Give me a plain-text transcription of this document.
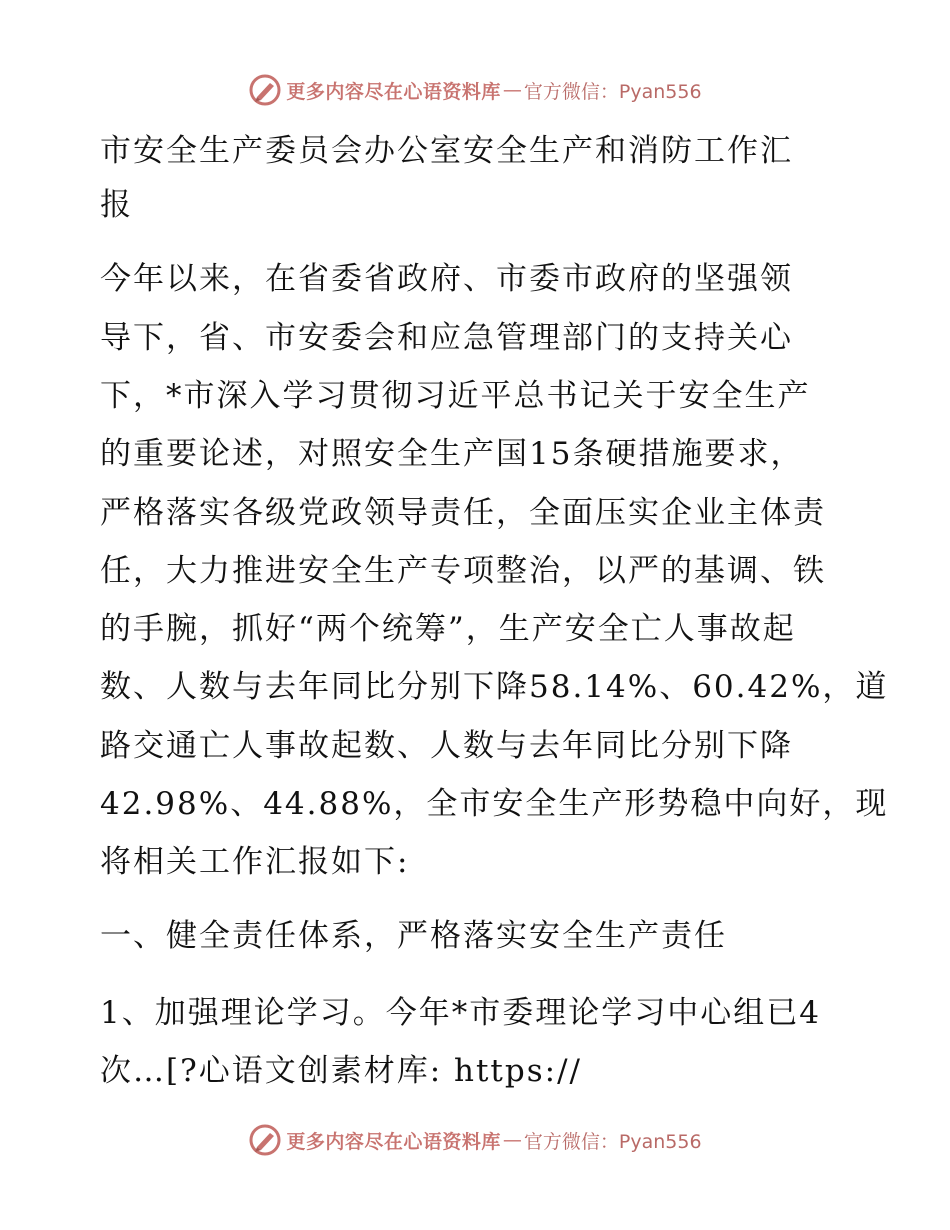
更多内容尽在心语资料库 — 官方微信：Pyan556
市安全生产委员会办公室安全生产和消防工作汇
报
今年以来，在省委省政府、市委市政府的坚强领
导下，省、市安委会和应急管理部门的支持关心
下，*市深入学习贯彻习近平总书记关于安全生产
的重要论述，对照安全生产国15条硬措施要求，
严格落实各级党政领导责任，全面压实企业主体责
任，大力推进安全生产专项整治，以严的基调、铁
的手腕，抓好“两个统筹”，生产安全亡人事故起
数、人数与去年同比分别下降58.14%、60.42%，道
路交通亡人事故起数、人数与去年同比分别下降
42.98%、44.88%，全市安全生产形势稳中向好，现
将相关工作汇报如下:
一、健全责任体系，严格落实安全生产责任
1、加强理论学习。今年*市委理论学习中心组已4
次…[?心语文创素材库: https://
更多内容尽在心语资料库 — 官方微信：Pyan556
